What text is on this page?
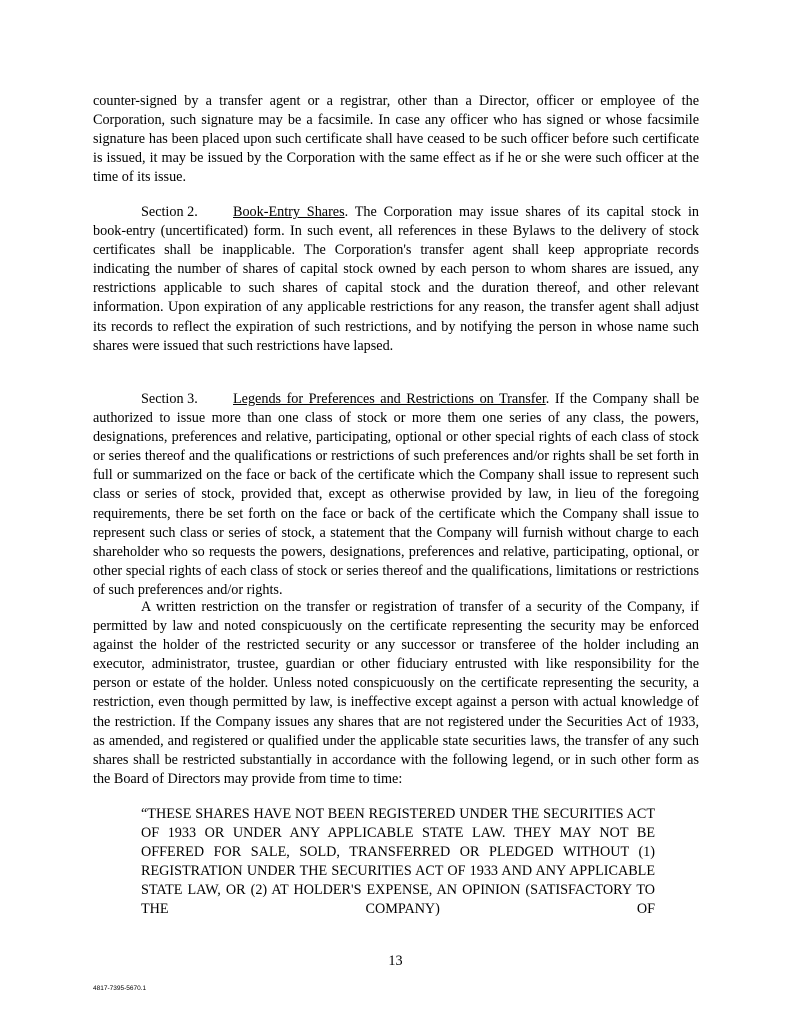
counter-signed by a transfer agent or a registrar, other than a Director, officer or employee of the Corporation, such signature may be a facsimile. In case any officer who has signed or whose facsimile signature has been placed upon such certificate shall have ceased to be such officer before such certificate is issued, it may be issued by the Corporation with the same effect as if he or she were such officer at the time of its issue.

Section 2. Book-Entry Shares. The Corporation may issue shares of its capital stock in book-entry (uncertificated) form. In such event, all references in these Bylaws to the delivery of stock certificates shall be inapplicable. The Corporation's transfer agent shall keep appropriate records indicating the number of shares of capital stock owned by each person to whom shares are issued, any restrictions applicable to such shares of capital stock and the duration thereof, and other relevant information. Upon expiration of any applicable restrictions for any reason, the transfer agent shall adjust its records to reflect the expiration of such restrictions, and by notifying the person in whose name such shares were issued that such restrictions have lapsed.

Section 3. Legends for Preferences and Restrictions on Transfer. If the Company shall be authorized to issue more than one class of stock or more them one series of any class, the powers, designations, preferences and relative, participating, optional or other special rights of each class of stock or series thereof and the qualifications or restrictions of such preferences and/or rights shall be set forth in full or summarized on the face or back of the certificate which the Company shall issue to represent such class or series of stock, provided that, except as otherwise provided by law, in lieu of the foregoing requirements, there be set forth on the face or back of the certificate which the Company shall issue to represent such class or series of stock, a statement that the Company will furnish without charge to each shareholder who so requests the powers, designations, preferences and relative, participating, optional, or other special rights of each class of stock or series thereof and the qualifications, limitations or restrictions of such preferences and/or rights.

A written restriction on the transfer or registration of transfer of a security of the Company, if permitted by law and noted conspicuously on the certificate representing the security may be enforced against the holder of the restricted security or any successor or transferee of the holder including an executor, administrator, trustee, guardian or other fiduciary entrusted with like responsibility for the person or estate of the holder. Unless noted conspicuously on the certificate representing the security, a restriction, even though permitted by law, is ineffective except against a person with actual knowledge of the restriction. If the Company issues any shares that are not registered under the Securities Act of 1933, as amended, and registered or qualified under the applicable state securities laws, the transfer of any such shares shall be restricted substantially in accordance with the following legend, or in such other form as the Board of Directors may provide from time to time:

“THESE SHARES HAVE NOT BEEN REGISTERED UNDER THE SECURITIES ACT OF 1933 OR UNDER ANY APPLICABLE STATE LAW. THEY MAY NOT BE OFFERED FOR SALE, SOLD, TRANSFERRED OR PLEDGED WITHOUT (1) REGISTRATION UNDER THE SECURITIES ACT OF 1933 AND ANY APPLICABLE STATE LAW, OR (2) AT HOLDER'S EXPENSE, AN OPINION (SATISFACTORY TO THE COMPANY) OF

13

4817-7395-5670.1
